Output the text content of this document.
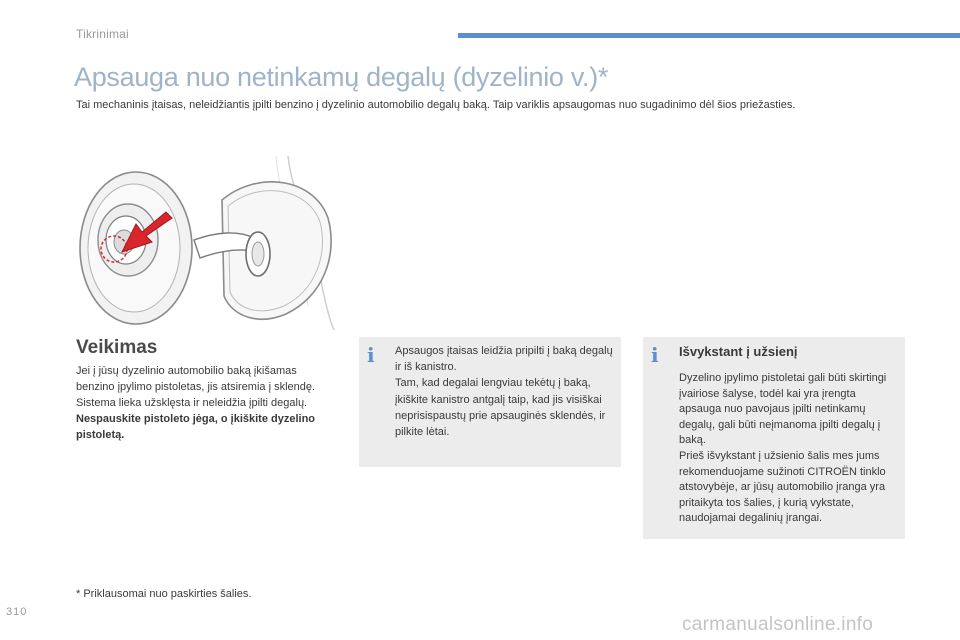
Tikrinimai
Apsauga nuo netinkamų degalų (dyzelinio v.)*
Tai mechaninis įtaisas, neleidžiantis įpilti benzino į dyzelinio automobilio degalų baką. Taip variklis apsaugomas nuo sugadinimo dėl šios priežasties.
Veikimas
Jei į jūsų dyzelinio automobilio baką įkišamas benzino įpylimo pistoletas, jis atsiremia į sklendę. Sistema lieka užsklęsta ir neleidžia įpilti degalų.
Nespauskite pistoleto jėga, o įkiškite dyzelino pistoletą.
i Apsaugos įtaisas leidžia pripilti į baką degalų ir iš kanistro.
Tam, kad degalai lengviau tekėtų į baką, įkiškite kanistro antgalį taip, kad jis visiškai neprisispaustų prie apsauginės sklendės, ir pilkite lėtai.
i Išvykstant į užsienį
Dyzelino įpylimo pistoletai gali būti skirtingi įvairiose šalyse, todėl kai yra įrengta apsauga nuo pavojaus įpilti netinkamų degalų, gali būti neįmanoma įpilti degalų į baką.
Prieš išvykstant į užsienio šalis mes jums rekomenduojame sužinoti CITROËN tinklo atstovybėje, ar jūsų automobilio įranga yra pritaikyta tos šalies, į kurią vykstate, naudojamai degalinių įrangai.
* Priklausomai nuo paskirties šalies.
310
carmanualsonline.info
